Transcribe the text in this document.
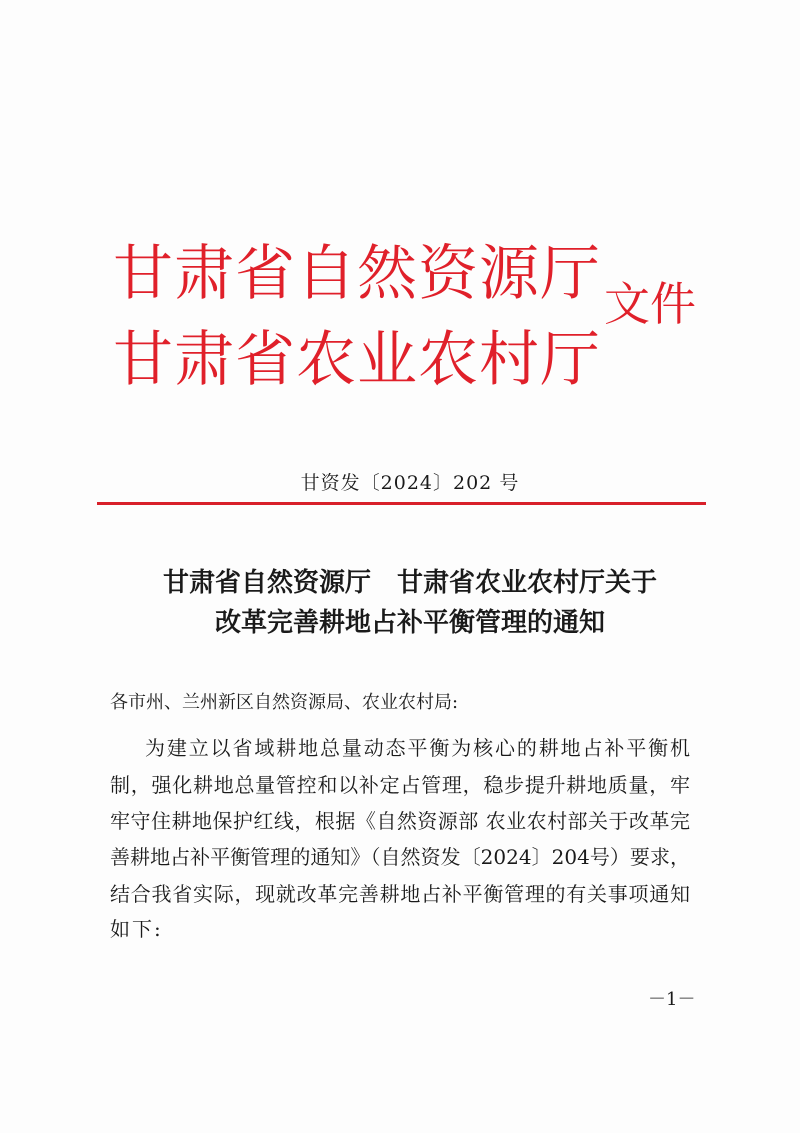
甘肃省自然资源厅
甘肃省农业农村厅
文件
甘资发〔2024〕202 号
甘肃省自然资源厅　甘肃省农业农村厅关于
改革完善耕地占补平衡管理的通知
各市州、兰州新区自然资源局、农业农村局:
为建立以省域耕地总量动态平衡为核心的耕地占补平衡机
制，强化耕地总量管控和以补定占管理，稳步提升耕地质量，牢
牢守住耕地保护红线，根据《自然资源部 农业农村部关于改革完
善耕地占补平衡管理的通知》（自然资发〔2024〕204号）要求，
结合我省实际，现就改革完善耕地占补平衡管理的有关事项通知
如下:
－1－
